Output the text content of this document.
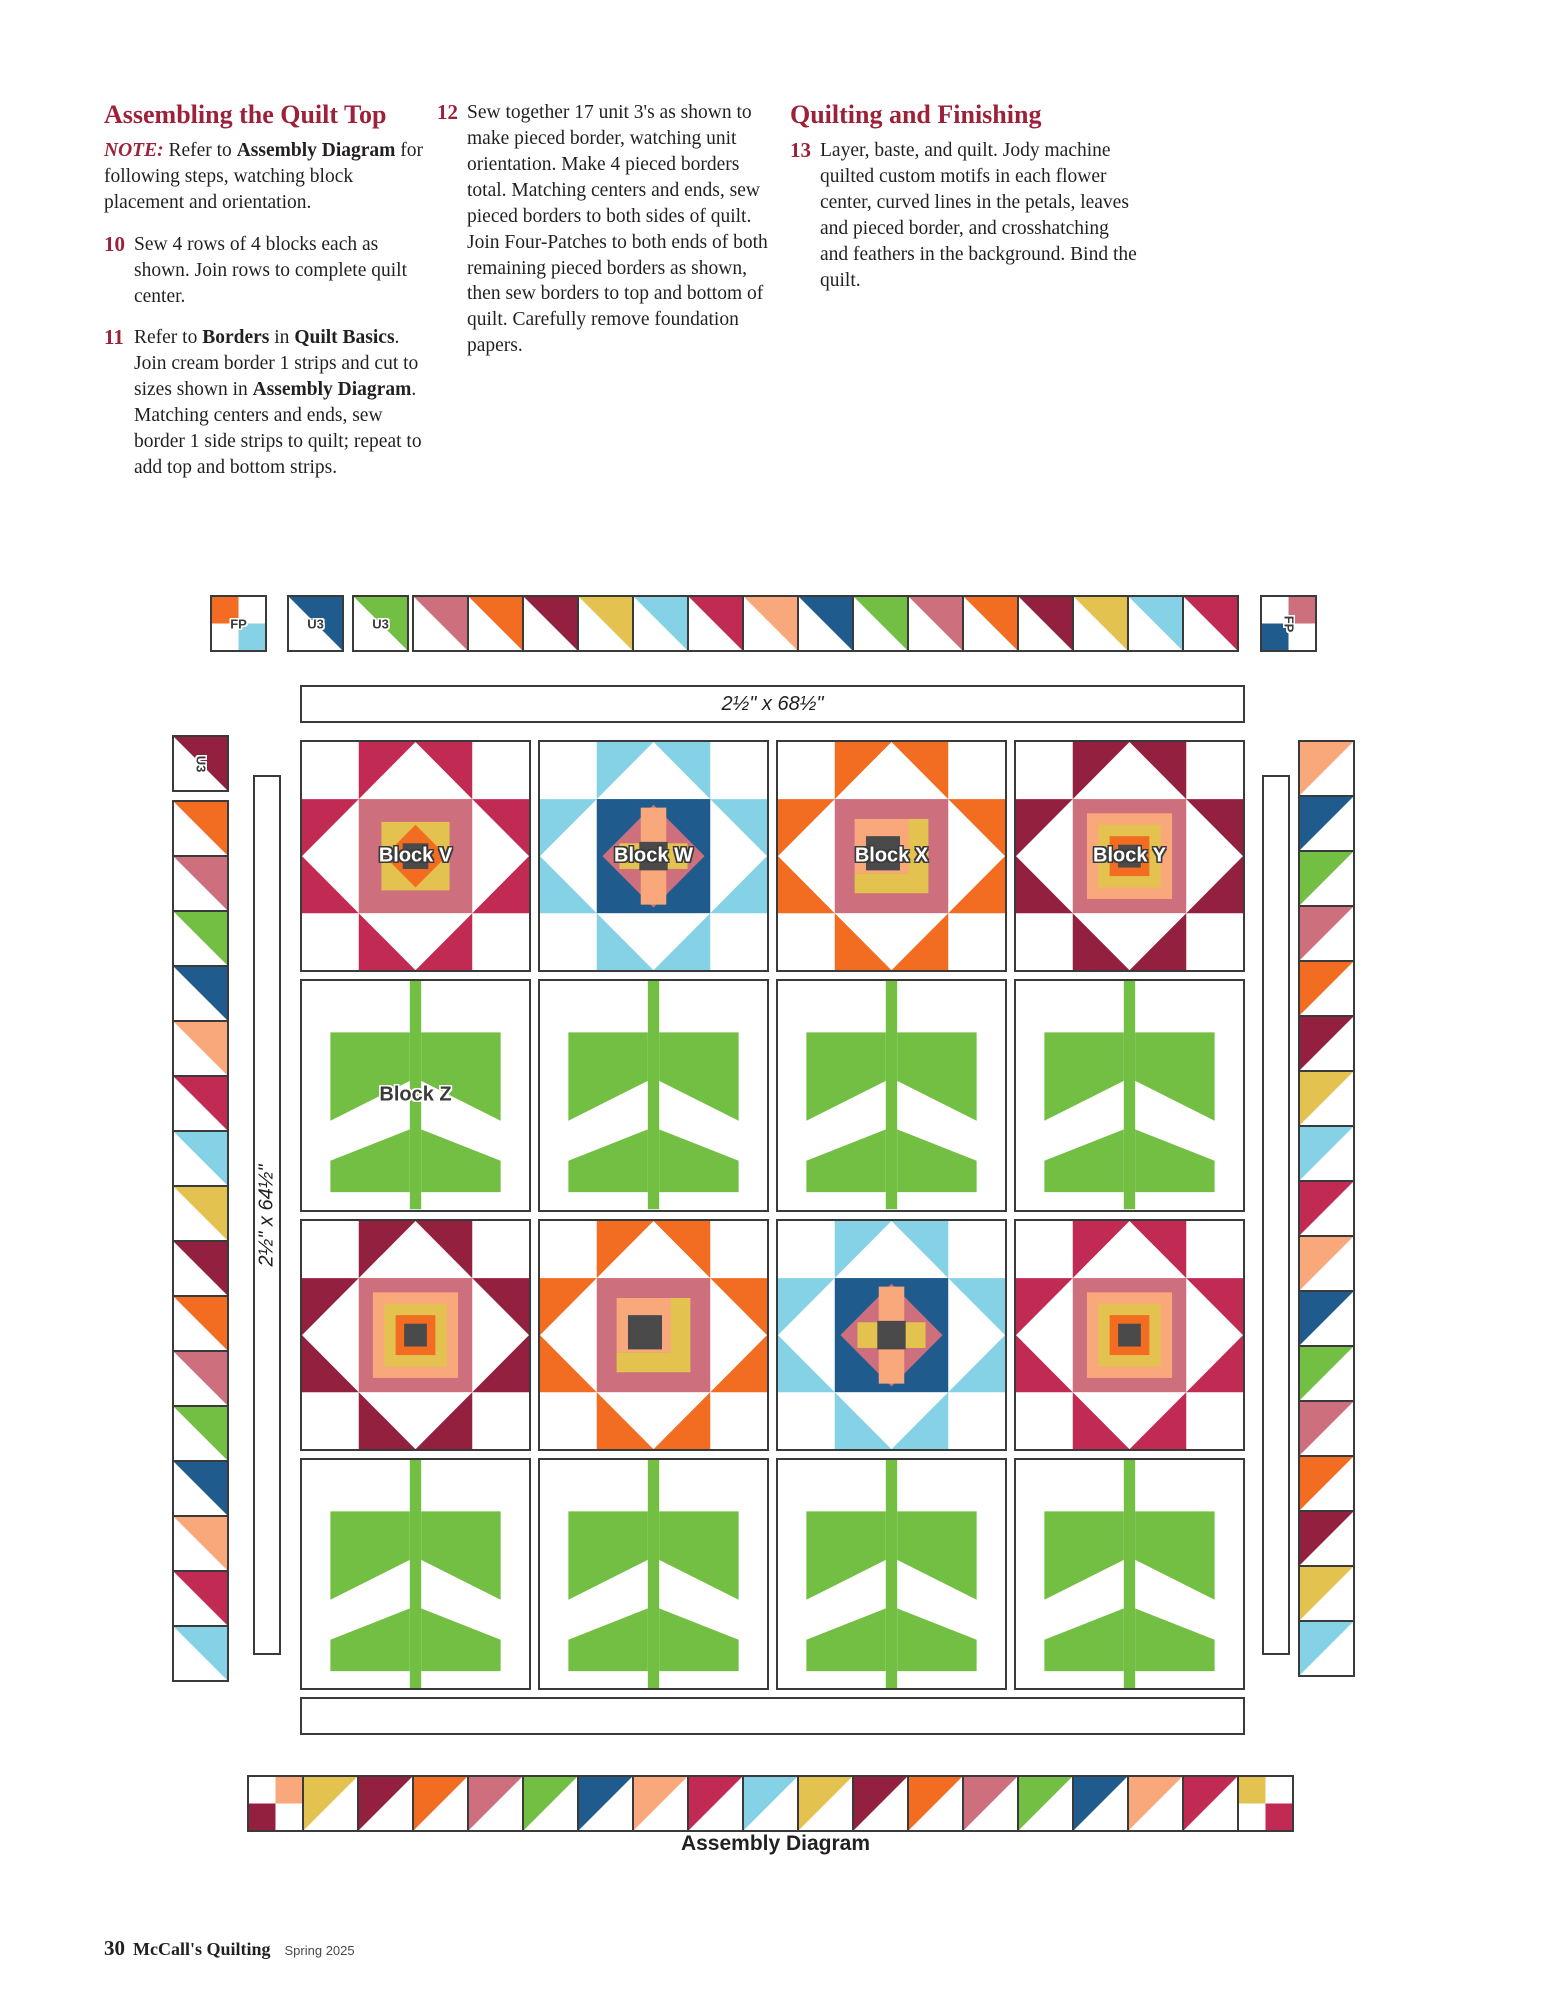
Assembling the Quilt Top
NOTE: Refer to Assembly Diagram for following steps, watching block placement and orientation.
10 Sew 4 rows of 4 blocks each as shown. Join rows to complete quilt center.
11 Refer to Borders in Quilt Basics. Join cream border 1 strips and cut to sizes shown in Assembly Diagram. Matching centers and ends, sew border 1 side strips to quilt; repeat to add top and bottom strips.
12 Sew together 17 unit 3's as shown to make pieced border, watching unit orientation. Make 4 pieced borders total. Matching centers and ends, sew pieced borders to both sides of quilt. Join Four-Patches to both ends of both remaining pieced borders as shown, then sew borders to top and bottom of quilt. Carefully remove foundation papers.
Quilting and Finishing
13 Layer, baste, and quilt. Jody machine quilted custom motifs in each flower center, curved lines in the petals, leaves and pieced border, and crosshatching and feathers in the background. Bind the quilt.
FP	U3	U3	FP
2½" x 68½"
2½" x 64½"
U3
Block V	Block W	Block X	Block Y
Block Z
Assembly Diagram
30 McCall's Quilting Spring 2025
